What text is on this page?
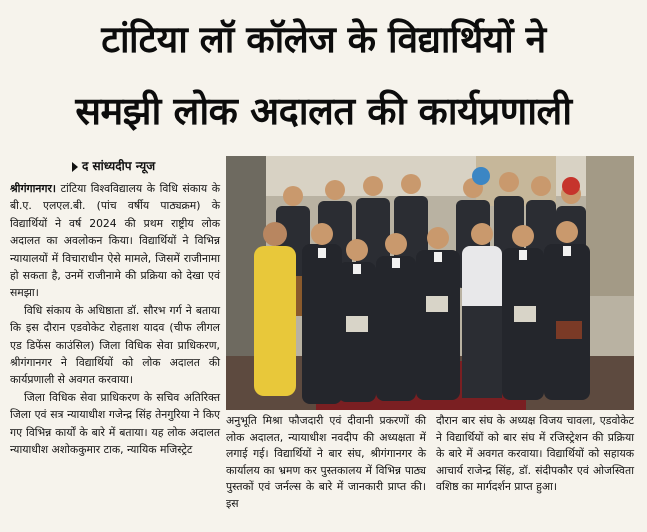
टांटिया लॉ कॉलेज के विद्यार्थियों ने
समझी लोक अदालत की कार्यप्रणाली
द सांध्यदीप न्यूज

श्रीगंगानगर। टांटिया विश्वविद्यालय के विधि संकाय के बी.ए. एलएल.बी. (पांच वर्षीय पाठ्यक्रम) के विद्यार्थियों ने वर्ष 2024 की प्रथम राष्ट्रीय लोक अदालत का अवलोकन किया। विद्यार्थियों ने विभिन्न न्यायालयों में विचाराधीन ऐसे मामले, जिसमें राजीनामा हो सकता है, उनमें राजीनामे की प्रक्रिया को देखा एवं समझा।

विधि संकाय के अधिष्ठाता डॉ. सौरभ गर्ग ने बताया कि इस दौरान एडवोकेट रोहताश यादव (चीफ लीगल एड डिफेंस काउंसिल) जिला विधिक सेवा प्राधिकरण, श्रीगंगानगर ने विद्यार्थियों को लोक अदालत की कार्यप्रणाली से अवगत करवाया।

जिला विधिक सेवा प्राधिकरण के सचिव अतिरिक्त जिला एवं सत्र न्यायाधीश गजेन्द्र सिंह तेनगुरिया ने किए गए विभिन्न कार्यों के बारे में बताया। यह लोक अदालत न्यायाधीश अशोककुमार टाक, न्यायिक मजिस्ट्रेट

अनुभूति मिश्रा फौजदारी एवं दीवानी प्रकरणों की लोक अदालत, न्यायाधीश नवदीप की अध्यक्षता में लगाई गई। विद्यार्थियों ने बार संघ, श्रीगंगानगर के कार्यालय का भ्रमण कर पुस्तकालय में विभिन्न पाठ्य पुस्तकों एवं जर्नल्स के बारे में जानकारी प्राप्त की। इस

दौरान बार संघ के अध्यक्ष विजय चावला, एडवोकेट ने विद्यार्थियों को बार संघ में रजिस्ट्रेशन की प्रक्रिया के बारे में अवगत करवाया। विद्यार्थियों को सहायक आचार्य राजेन्द्र सिंह, डॉ. संदीपकौर एवं ओजस्विता वशिष्ठ का मार्गदर्शन प्राप्त हुआ।
